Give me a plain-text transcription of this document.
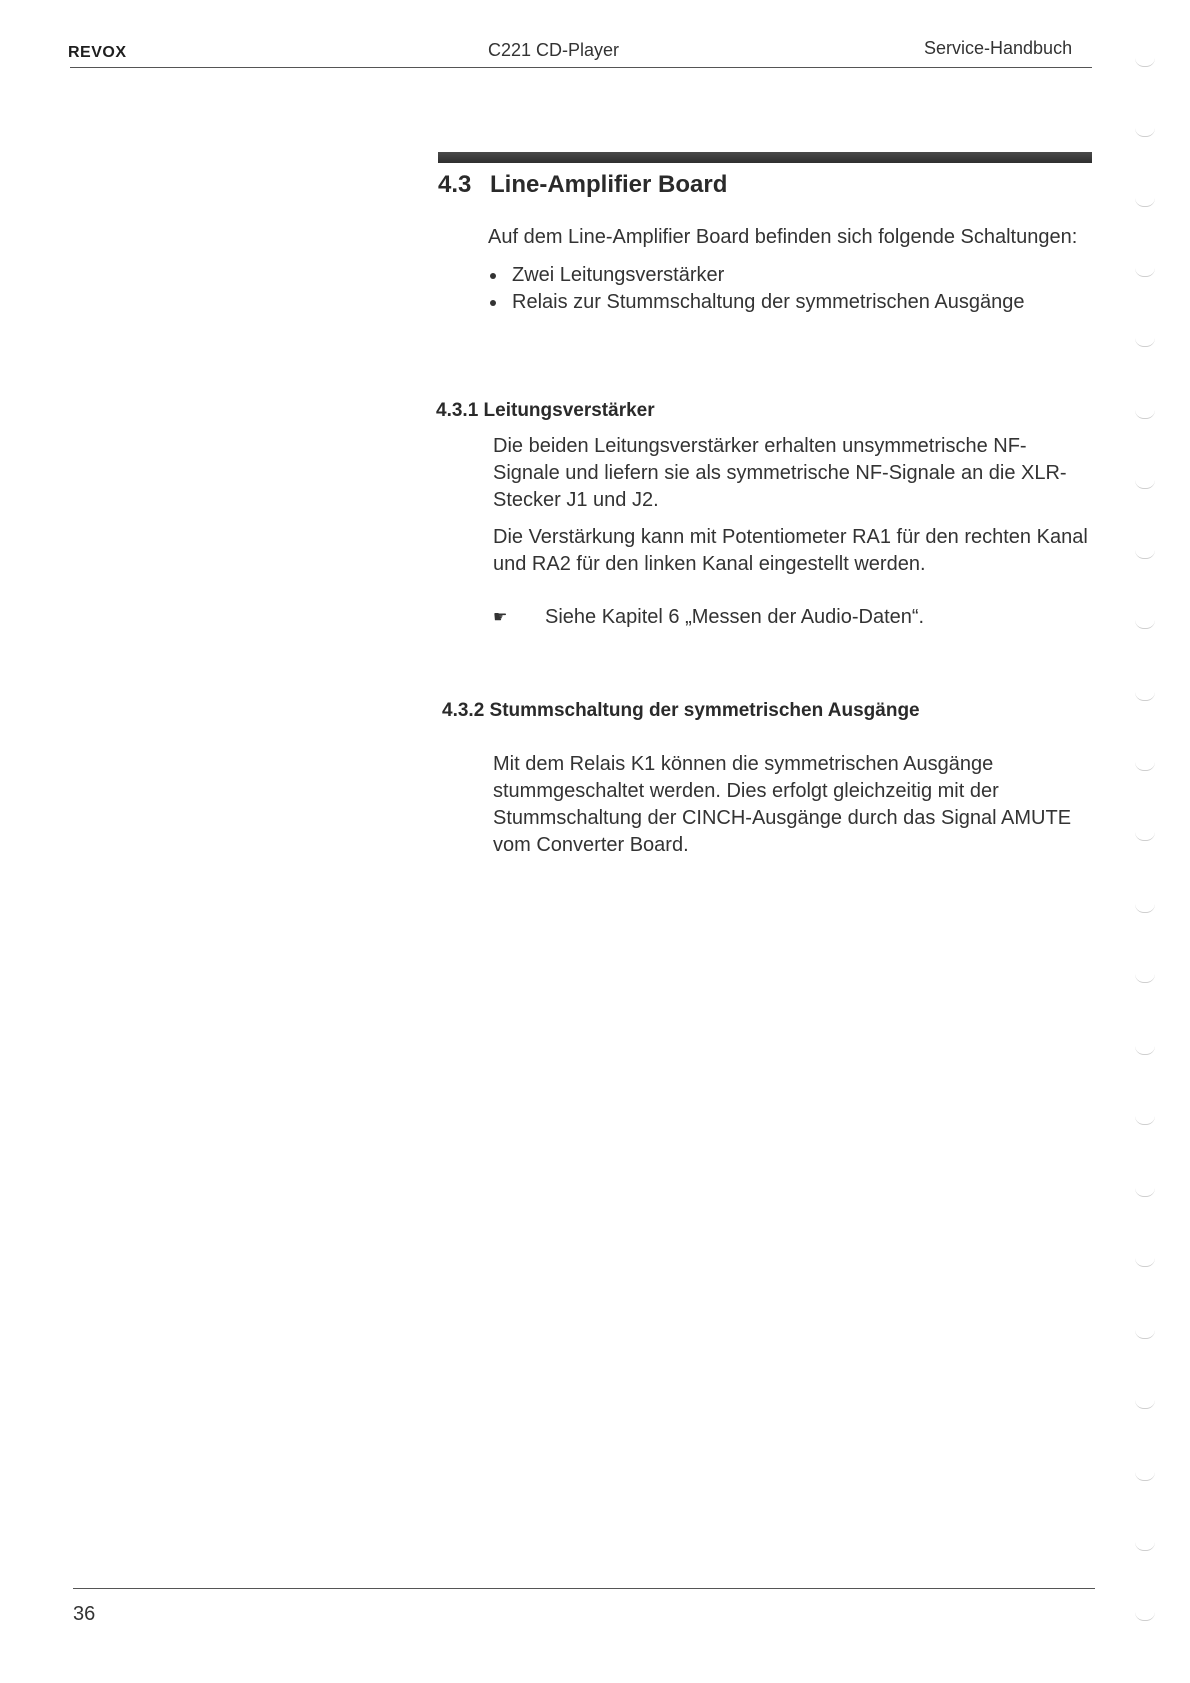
REVOX	C221 CD-Player	Service-Handbuch
4.3 Line-Amplifier Board
Auf dem Line-Amplifier Board befinden sich folgende Schaltungen:
Zwei Leitungsverstärker
Relais zur Stummschaltung der symmetrischen Ausgänge
4.3.1 Leitungsverstärker
Die beiden Leitungsverstärker erhalten unsymmetrische NF-Signale und liefern sie als symmetrische NF-Signale an die XLR-Stecker J1 und J2.
Die Verstärkung kann mit Potentiometer RA1 für den rechten Kanal und RA2 für den linken Kanal eingestellt werden.
☛ Siehe Kapitel 6 „Messen der Audio-Daten“.
4.3.2 Stummschaltung der symmetrischen Ausgänge
Mit dem Relais K1 können die symmetrischen Ausgänge stummgeschaltet werden. Dies erfolgt gleichzeitig mit der Stummschaltung der CINCH-Ausgänge durch das Signal AMUTE vom Converter Board.
36
